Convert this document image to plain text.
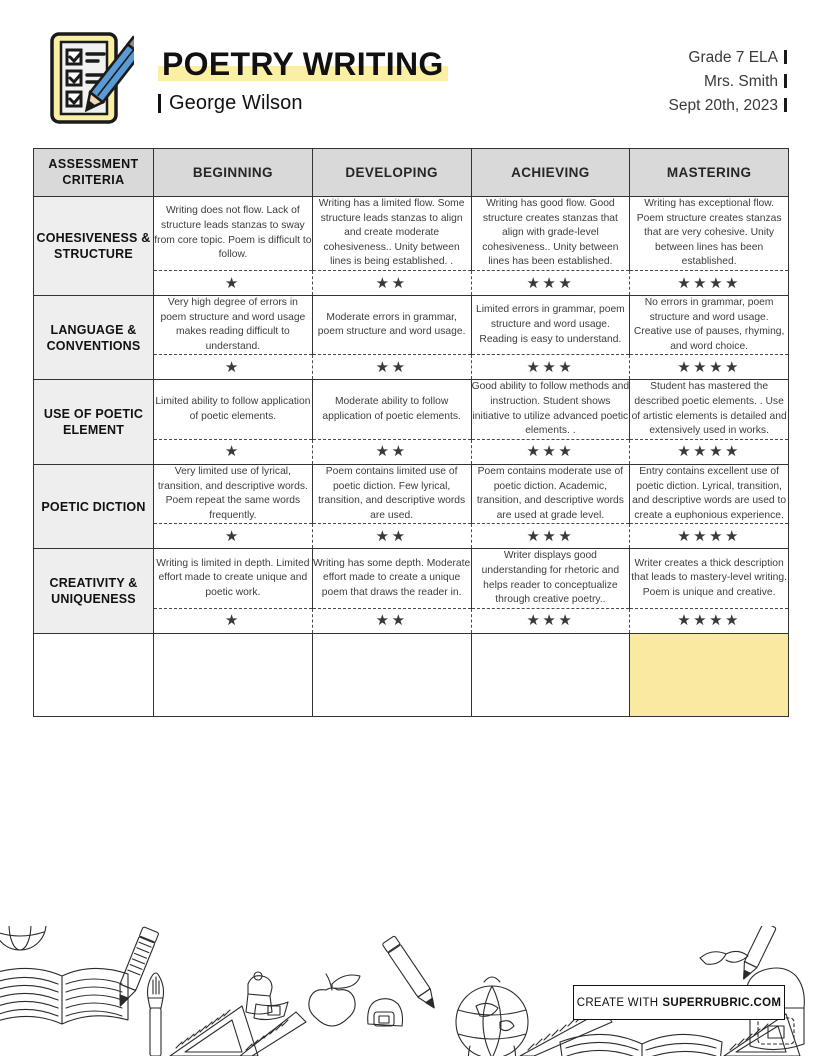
POETRY WRITING
George Wilson
Grade 7 ELA
Mrs. Smith
Sept 20th, 2023
ASSESSMENT CRITERIA	BEGINNING	DEVELOPING	ACHIEVING	MASTERING
COHESIVENESS & STRUCTURE	Writing does not flow. Lack of structure leads stanzas to sway from core topic. Poem is difficult to follow.	Writing has a limited flow. Some structure leads stanzas to align and create moderate cohesiveness.. Unity between lines is being established. .	Writing has good flow. Good structure creates stanzas that align with grade-level cohesiveness.. Unity between lines has been established.	Writing has exceptional flow. Poem structure creates stanzas that are very cohesive. Unity between lines has been established.
	★	★★	★★★	★★★★
LANGUAGE & CONVENTIONS	Very high degree of errors in poem structure and word usage makes reading difficult to understand.	Moderate errors in grammar, poem structure and word usage.	Limited errors in grammar, poem structure and word usage. Reading is easy to understand.	No errors in grammar, poem structure and word usage. Creative use of pauses, rhyming, and word choice.
	★	★★	★★★	★★★★
USE OF POETIC ELEMENT	Limited ability to follow application of poetic elements.	Moderate ability to follow application of poetic elements.	Good ability to follow methods and instruction. Student shows initiative to utilize advanced poetic elements. .	Student has mastered the described poetic elements. . Use of artistic elements is detailed and extensively used in works.
	★	★★	★★★	★★★★
POETIC DICTION	Very limited use of lyrical, transition, and descriptive words. Poem repeat the same words frequently.	Poem contains limited use of poetic diction. Few lyrical, transition, and descriptive words are used.	Poem contains moderate use of poetic diction. Academic, transition, and descriptive words are used at grade level.	Entry contains excellent use of poetic diction. Lyrical, transition, and descriptive words are used to create a euphonious experience.
	★	★★	★★★	★★★★
CREATIVITY & UNIQUENESS	Writing is limited in depth. Limited effort made to create unique and poetic work.	Writing has some depth. Moderate effort made to create a unique poem that draws the reader in.	Writer displays good understanding for rhetoric and helps reader to conceptualize through creative poetry..	Writer creates a thick description that leads to mastery-level writing. Poem is unique and creative.
	★	★★	★★★	★★★★

CREATE WITH SUPERRUBRIC.COM
